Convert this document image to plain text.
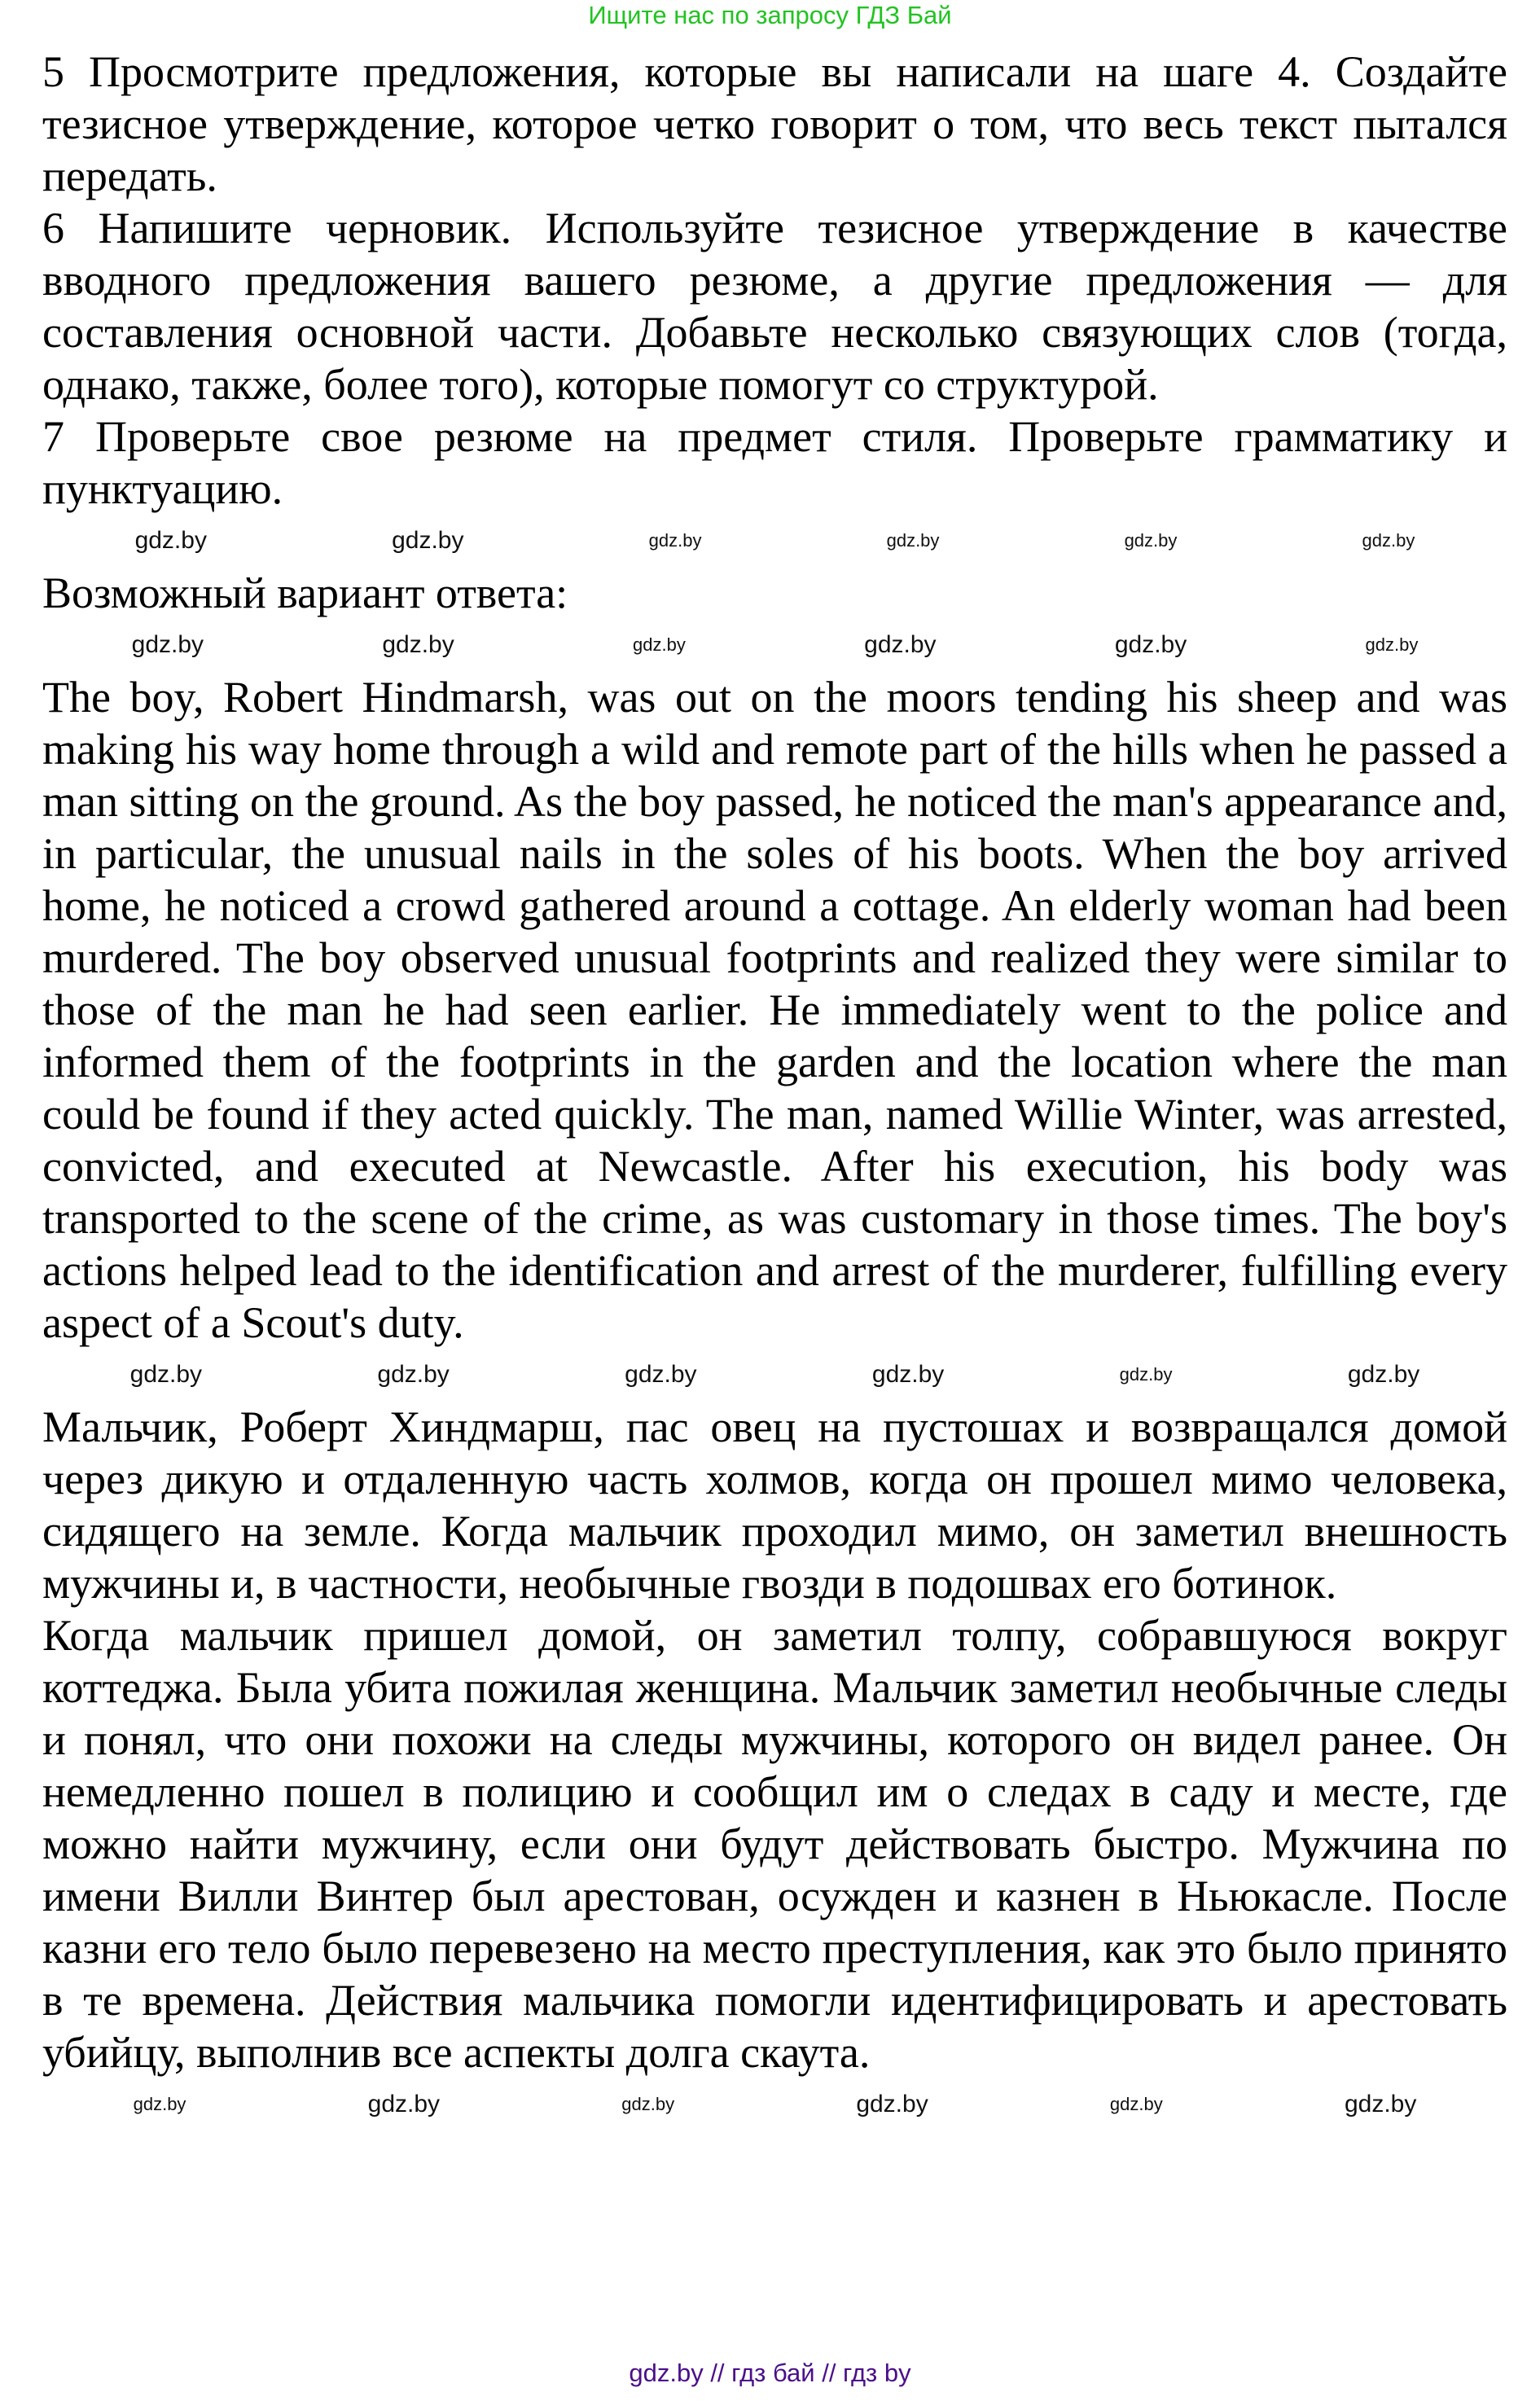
Ищите нас по запросу ГДЗ Бай

5 Просмотрите предложения, которые вы написали на шаге 4. Создайте тезисное утверждение, которое четко говорит о том, что весь текст пытался передать.

6 Напишите черновик. Используйте тезисное утверждение в качестве вводного предложения вашего резюме, а другие предложения — для составления основной части. Добавьте несколько связующих слов (тогда, однако, также, более того), которые помогут со структурой.

7 Проверьте свое резюме на предмет стиля. Проверьте грамматику и пунктуацию.

gdz.by	gdz.by	gdz.by	gdz.by	gdz.by	gdz.by

Возможный вариант ответа:

gdz.by	gdz.by	gdz.by	gdz.by	gdz.by	gdz.by

The boy, Robert Hindmarsh, was out on the moors tending his sheep and was making his way home through a wild and remote part of the hills when he passed a man sitting on the ground. As the boy passed, he noticed the man's appearance and, in particular, the unusual nails in the soles of his boots. When the boy arrived home, he noticed a crowd gathered around a cottage. An elderly woman had been murdered. The boy observed unusual footprints and realized they were similar to those of the man he had seen earlier. He immediately went to the police and informed them of the footprints in the garden and the location where the man could be found if they acted quickly. The man, named Willie Winter, was arrested, convicted, and executed at Newcastle. After his execution, his body was transported to the scene of the crime, as was customary in those times. The boy's actions helped lead to the identification and arrest of the murderer, fulfilling every aspect of a Scout's duty.

gdz.by	gdz.by	gdz.by	gdz.by	gdz.by	gdz.by

Мальчик, Роберт Хиндмарш, пас овец на пустошах и возвращался домой через дикую и отдаленную часть холмов, когда он прошел мимо человека, сидящего на земле. Когда мальчик проходил мимо, он заметил внешность мужчины и, в частности, необычные гвозди в подошвах его ботинок.

Когда мальчик пришел домой, он заметил толпу, собравшуюся вокруг коттеджа. Была убита пожилая женщина. Мальчик заметил необычные следы и понял, что они похожи на следы мужчины, которого он видел ранее. Он немедленно пошел в полицию и сообщил им о следах в саду и месте, где можно найти мужчину, если они будут действовать быстро. Мужчина по имени Вилли Винтер был арестован, осужден и казнен в Ньюкасле. После казни его тело было перевезено на место преступления, как это было принято в те времена. Действия мальчика помогли идентифицировать и арестовать убийцу, выполнив все аспекты долга скаута.

gdz.by	gdz.by	gdz.by	gdz.by	gdz.by	gdz.by
gdz.by // гдз бай // гдз by
